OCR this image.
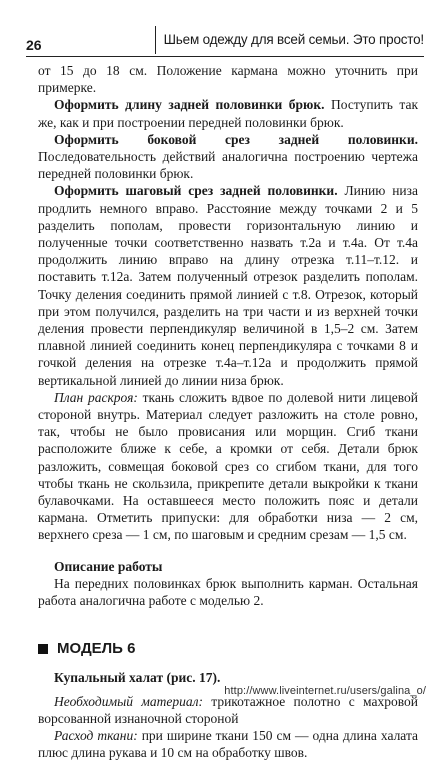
26	Шьем одежду для всей семьи. Это просто!

от 15 до 18 см. Положение кармана можно уточнить при примерке.

Оформить длину задней половинки брюк. Поступить так же, как и при построении передней половинки брюк.

Оформить боковой срез задней половинки. Последовательность действий аналогична построению чертежа передней половинки брюк.

Оформить шаговый срез задней половинки. Линию низа продлить немного вправо. Расстояние между точками 2 и 5 разделить пополам, провести горизонтальную линию и полученные точки соответственно назвать т.2а и т.4а. От т.4а продолжить линию вправо на длину отрезка т.11–т.12. и поставить т.12а. Затем полученный отрезок разделить пополам. Точку деления соединить прямой линией с т.8. Отрезок, который при этом получился, разделить на три части и из верхней точки деления провести перпендикуляр величиной в 1,5–2 см. Затем плавной линией соединить конец перпендикуляра с точками 8 и гочкой деления на отрезке т.4а–т.12а и продолжить прямой вертикальной линией до линии низа брюк.

План раскроя: ткань сложить вдвое по долевой нити лицевой стороной внутрь. Материал следует разложить на столе ровно, так, чтобы не было провисания или морщин. Сгиб ткани расположите ближе к себе, а кромки от себя. Детали брюк разложить, совмещая боковой срез со сгибом ткани, для того чтобы ткань не скользила, прикрепите детали выкройки к ткани булавочками. На оставшееся место положить пояс и детали кармана. Отметить припуски: для обработки низа — 2 см, верхнего среза — 1 см, по шаговым и средним срезам — 1,5 см.

Описание работы

На передних половинках брюк выполнить карман. Остальная работа аналогична работе с моделью 2.

МОДЕЛЬ 6

Купальный халат (рис. 17).

Необходимый материал: трикотажное полотно с махровой ворсованной изнаночной стороной

Расход ткани: при ширине ткани 150 см — одна длина халата плюс длина рукава и 10 см на обработку швов.

http://www.liveinternet.ru/users/galina_o/
